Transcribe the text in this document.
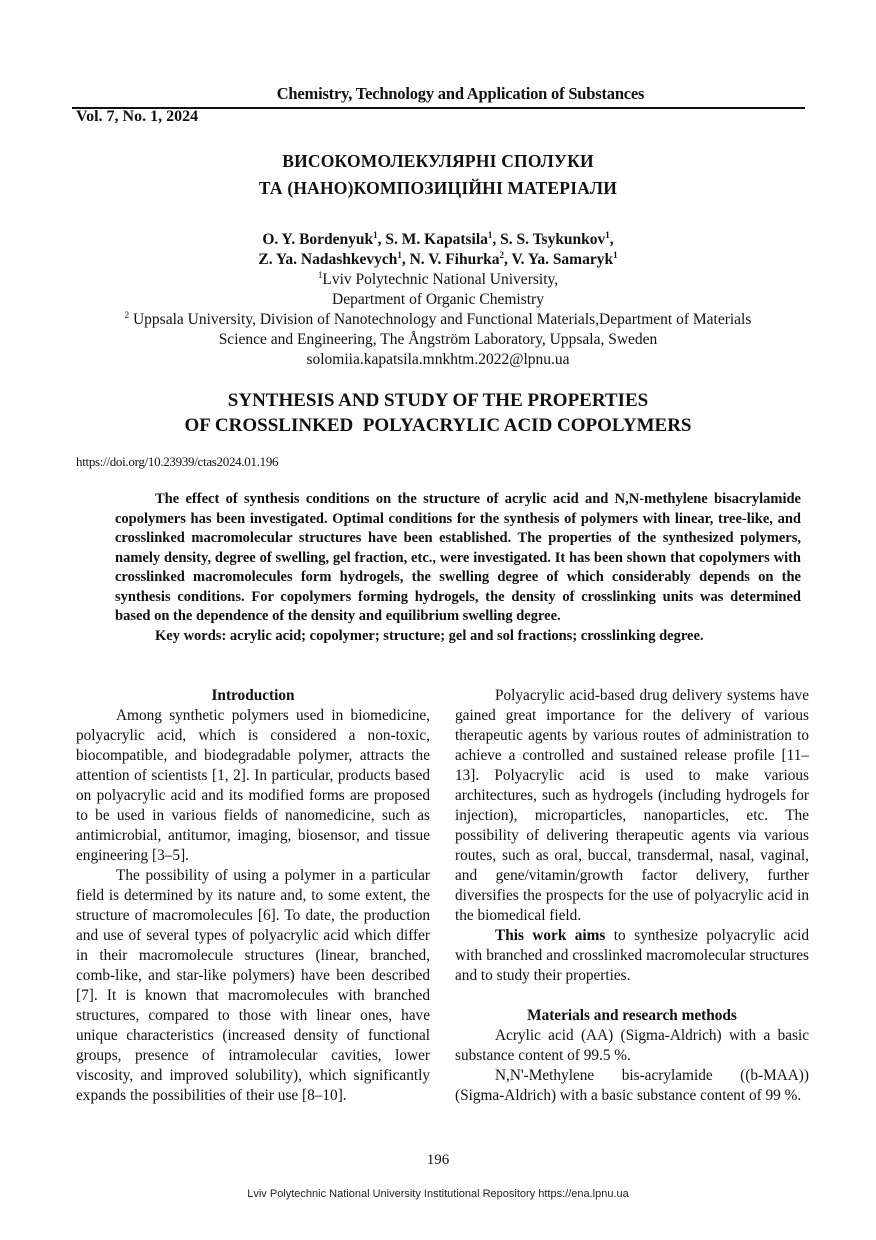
Chemistry, Technology and Application of Substances
Vol. 7, No. 1, 2024
ВИСОКОМОЛЕКУЛЯРНІ СПОЛУКИ
ТА (НАНО)КОМПОЗИЦІЙНІ МАТЕРІАЛИ
O. Y. Bordenyuk$^1$, S. M. Kapatsila$^1$, S. S. Tsykunkov$^1$,
Z. Ya. Nadashkevych$^1$, N. V. Fihurka$^2$, V. Ya. Samaryk$^1$
$^1$Lviv Polytechnic National University,
Department of Organic Chemistry
$^2$ Uppsala University, Division of Nanotechnology and Functional Materials,Department of Materials
Science and Engineering, The Ångström Laboratory, Uppsala, Sweden
solomiia.kapatsila.mnkhtm.2022@lpnu.ua
SYNTHESIS AND STUDY OF THE PROPERTIES
OF CROSSLINKED  POLYACRYLIC ACID COPOLYMERS
https://doi.org/10.23939/ctas2024.01.196

The effect of synthesis conditions on the structure of acrylic acid and N,N-methylene bisacrylamide copolymers has been investigated. Optimal conditions for the synthesis of polymers with linear, tree-like, and crosslinked macromolecular structures have been established. The properties of the synthesized polymers, namely density, degree of swelling, gel fraction, etc., were investigated. It has been shown that copolymers with crosslinked macromolecules form hydrogels, the swelling degree of which considerably depends on the synthesis conditions. For copolymers forming hydrogels, the density of crosslinking units was determined based on the dependence of the density and equilibrium swelling degree.

Key words: acrylic acid; copolymer; structure; gel and sol fractions; crosslinking degree.

Introduction

Among synthetic polymers used in biomedicine, polyacrylic acid, which is considered a non-toxic, biocompatible, and biodegradable polymer, attracts the attention of scientists [1, 2]. In particular, products based on polyacrylic acid and its modified forms are proposed to be used in various fields of nanomedicine, such as antimicrobial, antitumor, imaging, biosensor, and tissue engineering [3–5].

The possibility of using a polymer in a particular field is determined by its nature and, to some extent, the structure of macromolecules [6]. To date, the production and use of several types of polyacrylic acid which differ in their macromolecule structures (linear, branched, comb-like, and star-like polymers) have been described [7]. It is known that macromolecules with branched structures, compared to those with linear ones, have unique characteristics (increased density of functional groups, presence of intramolecular cavities, lower viscosity, and improved solubility), which significantly expands the possibilities of their use [8–10].

Polyacrylic acid-based drug delivery systems have gained great importance for the delivery of various therapeutic agents by various routes of administration to achieve a controlled and sustained release profile [11–13]. Polyacrylic acid is used to make various architectures, such as hydrogels (including hydrogels for injection), microparticles, nanoparticles, etc. The possibility of delivering therapeutic agents via various routes, such as oral, buccal, transdermal, nasal, vaginal, and gene/vitamin/growth factor delivery, further diversifies the prospects for the use of polyacrylic acid in the biomedical field.

This work aims to synthesize polyacrylic acid with branched and crosslinked macromolecular structures and to study their properties.

Materials and research methods

Acrylic acid (AA) (Sigma-Aldrich) with a basic substance content of 99.5 %.

N,N'-Methylene bis-acrylamide ((b-MAA)) (Sigma-Aldrich) with a basic substance content of 99 %.

196
Lviv Polytechnic National University Institutional Repository https://ena.lpnu.ua
